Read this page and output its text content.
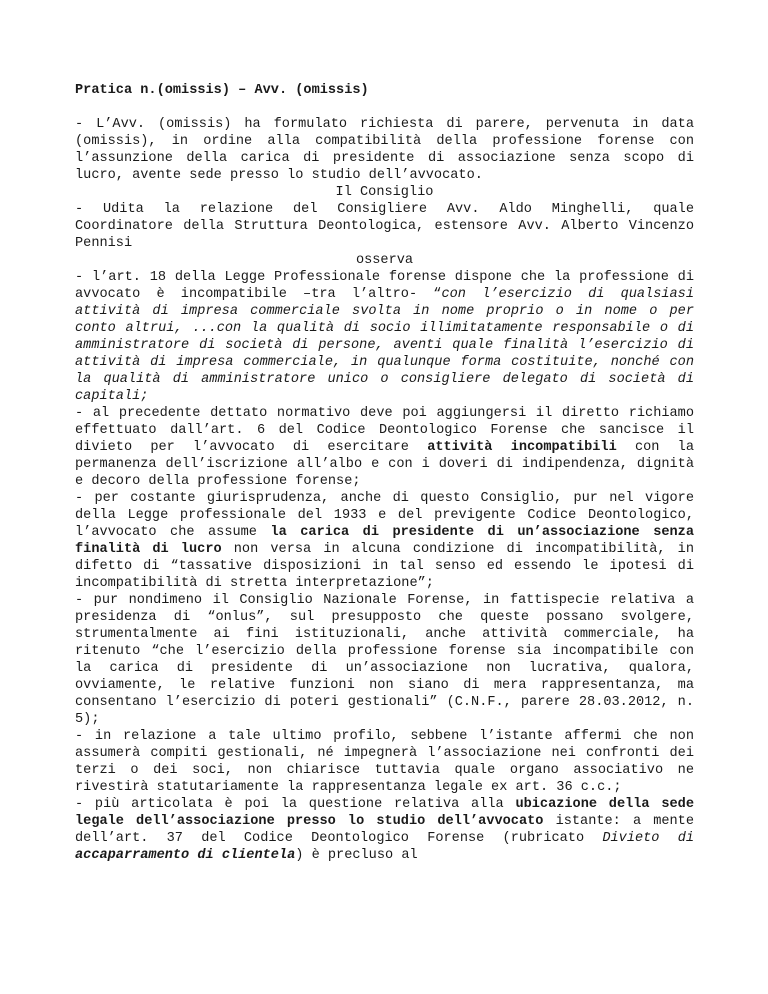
Pratica n.(omissis) – Avv. (omissis)

- L’Avv. (omissis) ha formulato richiesta di parere, pervenuta in data (omissis), in ordine alla compatibilità della professione forense con l’assunzione della carica di presidente di associazione senza scopo di lucro, avente sede presso lo studio dell’avvocato.

Il Consiglio

- Udita la relazione del Consigliere Avv. Aldo Minghelli, quale Coordinatore della Struttura Deontologica, estensore Avv. Alberto Vincenzo Pennisi

osserva

- l’art. 18 della Legge Professionale forense dispone che la professione di avvocato è incompatibile –tra l’altro- “con l’esercizio di qualsiasi attività di impresa commerciale svolta in nome proprio o in nome o per conto altrui, ...con la qualità di socio illimitatamente responsabile o di amministratore di società di persone, aventi quale finalità l’esercizio di attività di impresa commerciale, in qualunque forma costituite, nonché con la qualità di amministratore unico o consigliere delegato di società di capitali;

- al precedente dettato normativo deve poi aggiungersi il diretto richiamo effettuato dall’art. 6 del Codice Deontologico Forense che sancisce il divieto per l’avvocato di esercitare attività incompatibili con la permanenza dell’iscrizione all’albo e con i doveri di indipendenza, dignità e decoro della professione forense;

- per costante giurisprudenza, anche di questo Consiglio, pur nel vigore della Legge professionale del 1933 e del previgente Codice Deontologico, l’avvocato che assume la carica di presidente di un’associazione senza finalità di lucro non versa in alcuna condizione di incompatibilità, in difetto di “tassative disposizioni in tal senso ed essendo le ipotesi di incompatibilità di stretta interpretazione”;

- pur nondimeno il Consiglio Nazionale Forense, in fattispecie relativa a presidenza di “onlus”, sul presupposto che queste possano svolgere, strumentalmente ai fini istituzionali, anche attività commerciale, ha ritenuto “che l’esercizio della professione forense sia incompatibile con la carica di presidente di un’associazione non lucrativa, qualora, ovviamente, le relative funzioni non siano di mera rappresentanza, ma consentano l’esercizio di poteri gestionali” (C.N.F., parere 28.03.2012, n. 5);

- in relazione a tale ultimo profilo, sebbene l’istante affermi che non assumerà compiti gestionali, né impegnerà l’associazione nei confronti dei terzi o dei soci, non chiarisce tuttavia quale organo associativo ne rivestirà statutariamente la rappresentanza legale ex art. 36 c.c.;

- più articolata è poi la questione relativa alla ubicazione della sede legale dell’associazione presso lo studio dell’avvocato istante: a mente dell’art. 37 del Codice Deontologico Forense (rubricato Divieto di accaparramento di clientela) è precluso al
